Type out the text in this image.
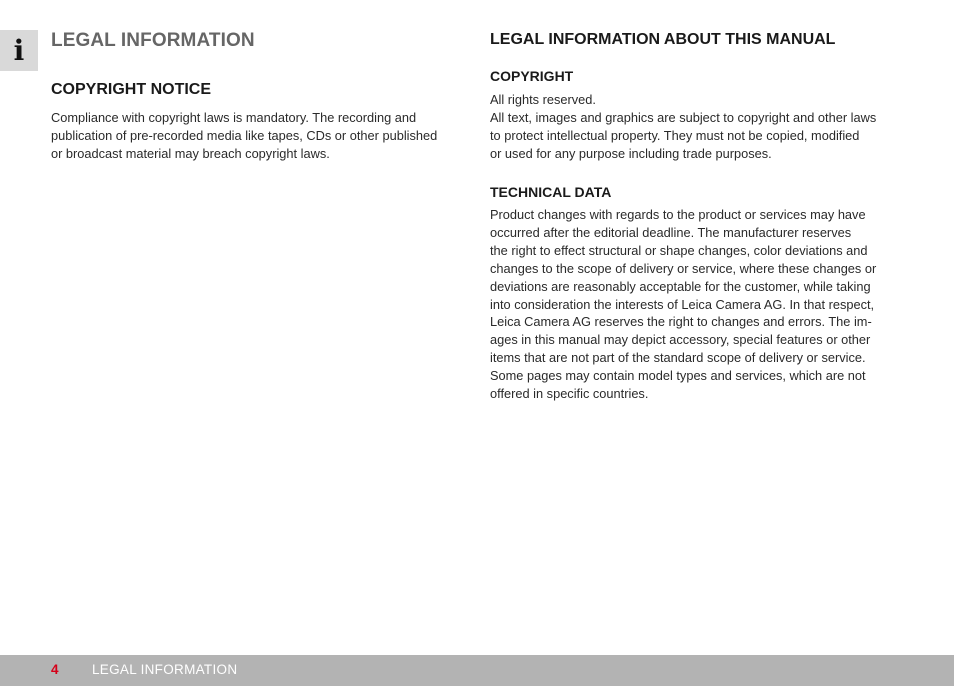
i LEGAL INFORMATION
COPYRIGHT NOTICE
Compliance with copyright laws is mandatory. The recording and
publication of pre-recorded media like tapes, CDs or other published
or broadcast material may breach copyright laws.
LEGAL INFORMATION ABOUT THIS MANUAL
COPYRIGHT
All rights reserved.
All text, images and graphics are subject to copyright and other laws
to protect intellectual property. They must not be copied, modified
or used for any purpose including trade purposes.
TECHNICAL DATA
Product changes with regards to the product or services may have
occurred after the editorial deadline. The manufacturer reserves
the right to effect structural or shape changes, color deviations and
changes to the scope of delivery or service, where these changes or
deviations are reasonably acceptable for the customer, while taking
into consideration the interests of Leica Camera AG. In that respect,
Leica Camera AG reserves the right to changes and errors. The im-
ages in this manual may depict accessory, special features or other
items that are not part of the standard scope of delivery or service.
Some pages may contain model types and services, which are not
offered in specific countries.
4 LEGAL INFORMATION
